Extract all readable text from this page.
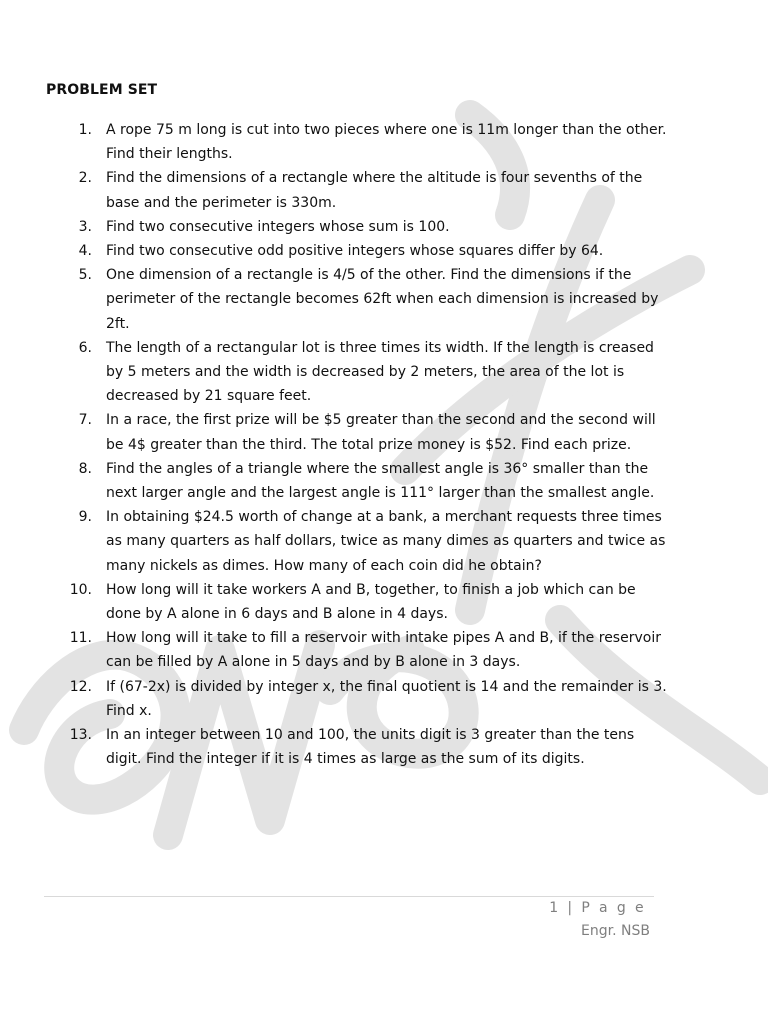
PROBLEM SET
1. A rope 75 m long is cut into two pieces where one is 11m longer than the other. Find their lengths.
2. Find the dimensions of a rectangle where the altitude is four sevenths of the base and the perimeter is 330m.
3. Find two consecutive integers whose sum is 100.
4. Find two consecutive odd positive integers whose squares differ by 64.
5. One dimension of a rectangle is 4/5 of the other. Find the dimensions if the perimeter of the rectangle becomes 62ft when each dimension is increased by 2ft.
6. The length of a rectangular lot is three times its width. If the length is creased by 5 meters and the width is decreased by 2 meters, the area of the lot is decreased by 21 square feet.
7. In a race, the first prize will be $5 greater than the second and the second will be 4$ greater than the third. The total prize money is $52. Find each prize.
8. Find the angles of a triangle where the smallest angle is 36° smaller than the next larger angle and the largest angle is 111° larger than the smallest angle.
9. In obtaining $24.5 worth of change at a bank, a merchant requests three times as many quarters as half dollars, twice as many dimes as quarters and twice as many nickels as dimes. How many of each coin did he obtain?
10. How long will it take workers A and B, together, to finish a job which can be done by A alone in 6 days and B alone in 4 days.
11. How long will it take to fill a reservoir with intake pipes A and B, if the reservoir can be filled by A alone in 5 days and by B alone in 3 days.
12. If (67-2x) is divided by integer x, the final quotient is 14 and the remainder is 3. Find x.
13. In an integer between 10 and 100, the units digit is 3 greater than the tens digit. Find the integer if it is 4 times as large as the sum of its digits.
1 | P a g e
Engr. NSB
